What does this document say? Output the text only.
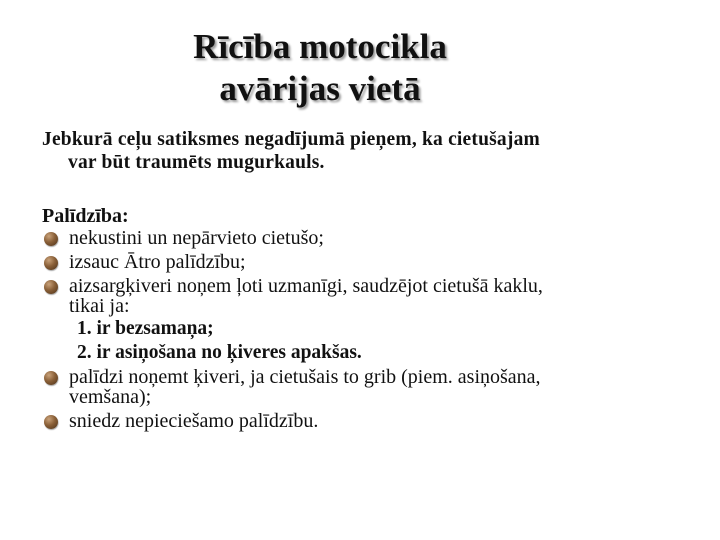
Rīcība motocikla
avārijas vietā
Jebkurā ceļu satiksmes negadījumā pieņem, ka cietušajam
var būt traumēts mugurkauls.
Palīdzība:
nekustini un nepārvieto cietušo;
izsauc Ātro palīdzību;
aizsargķiveri noņem ļoti uzmanīgi, saudzējot cietušā kaklu,
tikai ja:
1. ir bezsamaņa;
2. ir asiņošana no ķiveres apakšas.
palīdzi noņemt ķiveri, ja cietušais to grib (piem. asiņošana,
vemšana);
sniedz nepieciešamo palīdzību.
